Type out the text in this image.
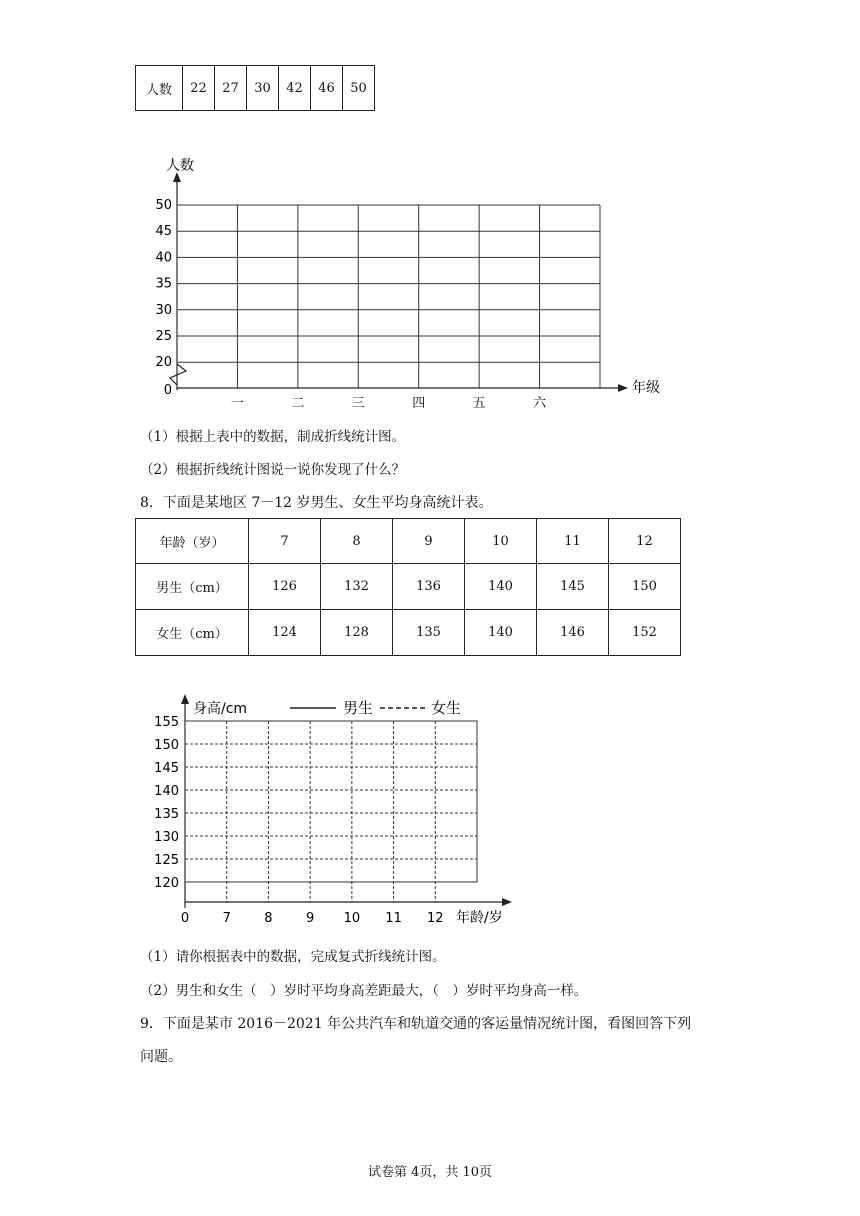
人数	22	27	30	42	46	50
人数
年级
50
45
40
35
30
25
20
0
一	二	三	四	五	六
（1）根据上表中的数据，制成折线统计图。
（2）根据折线统计图说一说你发现了什么？
8．下面是某地区 7－12 岁男生、女生平均身高统计表。
年龄（岁）	7	8	9	10	11	12
男生（cm）	126	132	136	140	145	150
女生（cm）	124	128	135	140	146	152
身高/cm	男生	女生
年龄/岁
155
150
145
140
135
130
125
120
0	7	8	9 10 11 12
（1）请你根据表中的数据，完成复式折线统计图。
（2）男生和女生（　）岁时平均身高差距最大，（　）岁时平均身高一样。
9．下面是某市 2016－2021 年公共汽车和轨道交通的客运量情况统计图，看图回答下列
问题。
试卷第 4页，共 10页
